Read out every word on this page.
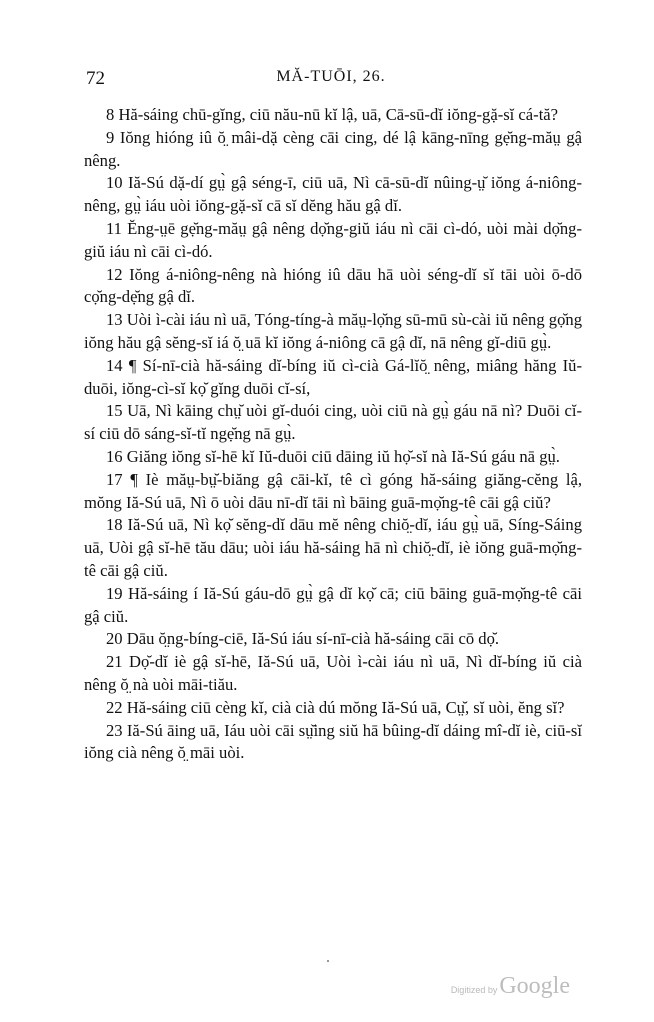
72	MĂ-TUŌI, 26.

8 Hă-sáing chū-gĭng, ciū nău-nū kĭ lậ, uā, Cā-sū-dĭ iŏng-gặ-sĭ cá-tă?

9 Iŏng hióng iû ŏ̤ mâi-dặ cèng cāi cing, dé lậ kāng-nīng gẹ̆ng-măṳ gậ nêng.

10 Iă-Sú dặ-dí gṳ̀ gậ séng-ī, ciū uā, Nì cā-sū-dĭ nûing-ṳ̆ iŏng á-niông-nêng, gṳ̀ iáu uòi iŏng-gặ-sĭ cā sĭ dĕng hău gậ dĭ.

11 Ĕng-ṳē gẹ̆ng-măṳ gậ nêng dọ̆ng-giŭ iáu nì cāi cì-dó, uòi mài dọ̆ng-giŭ iáu nì cāi cì-dó.

12 Iŏng á-niông-nêng nà hióng iû dāu hā uòi séng-dĭ sĭ tāi uòi ō-dō cọ̆ng-dẹ̆ng gậ dĭ.

13 Uòi ì-cài iáu nì uā, Tóng-tíng-à măṳ-lọ̆ng sū-mū sù-cài iŭ nêng gọ̆ng iŏng hău gậ sĕng-sĭ iá ŏ̤ uā kĭ iŏng á-niông cā gậ dĭ, nā nêng gĭ-diū gṳ̀.

14 ¶ Sí-nī-cià hă-sáing dĭ-bíng iŭ cì-cià Gá-lĭŏ̤ nêng, miâng hăng Iŭ-duōi, iŏng-cì-sĭ kọ̆ gĭng duōi cĭ-sí,

15 Uā, Nì kāing chṳ̆ uòi gĭ-duói cing, uòi ciū nà gṳ̀ gáu nā nì? Duōi cĭ-sí ciū dō sáng-sĭ-tĭ ngẹ̆ng nā gṳ̀.

16 Giăng iŏng sĭ-hē kĭ Iŭ-duōi ciū dāing iŭ họ̆-sĭ nà Iă-Sú gáu nā gṳ̀.

17 ¶ Iè măṳ-bṳ̆-biăng gậ cāi-kĭ, tê cì góng hă-sáing giăng-cĕng lậ, mŏng Iă-Sú uā, Nì ō uòi dāu nī-dĭ tāi nì bāing guā-mọ̆ng-tê cāi gậ ciŭ?

18 Iă-Sú uā, Nì kọ̆ sĕng-dĭ dāu mĕ nêng chiŏ̤-dĭ, iáu gṳ̀ uā, Síng-Sáing uā, Uòi gậ sĭ-hē tău dāu; uòi iáu hă-sáing hā nì chiŏ̤-dĭ, iè iŏng guā-mọ̆ng-tê cāi gậ ciŭ.

19 Hă-sáing í Iă-Sú gáu-dō gṳ̀ gậ dĭ kọ̆ cā; ciū bāing guā-mọ̆ng-tê cāi gậ ciŭ.

20 Dāu ŏ̤ng-bíng-ciē, Iă-Sú iáu sí-nī-cià hă-sáing cāi cō dọ̆.

21 Dọ̆-dĭ iè gậ sĭ-hē, Iă-Sú uā, Uòi ì-cài iáu nì uā, Nì dĭ-bíng iŭ cià nêng ŏ̤ nà uòi māi-tiău.

22 Hă-sáing ciū cèng kĭ, cià cià dú mŏng Iă-Sú uā, Cṳ̆, sĭ uòi, ĕng sĭ?

23 Iă-Sú āing uā, Iáu uòi cāi sṳ̆ing siŭ hā bûing-dĭ dáing mî-dĭ iè, ciū-sĭ iŏng cià nêng ŏ̤ māi uòi.

Digitized by Google
